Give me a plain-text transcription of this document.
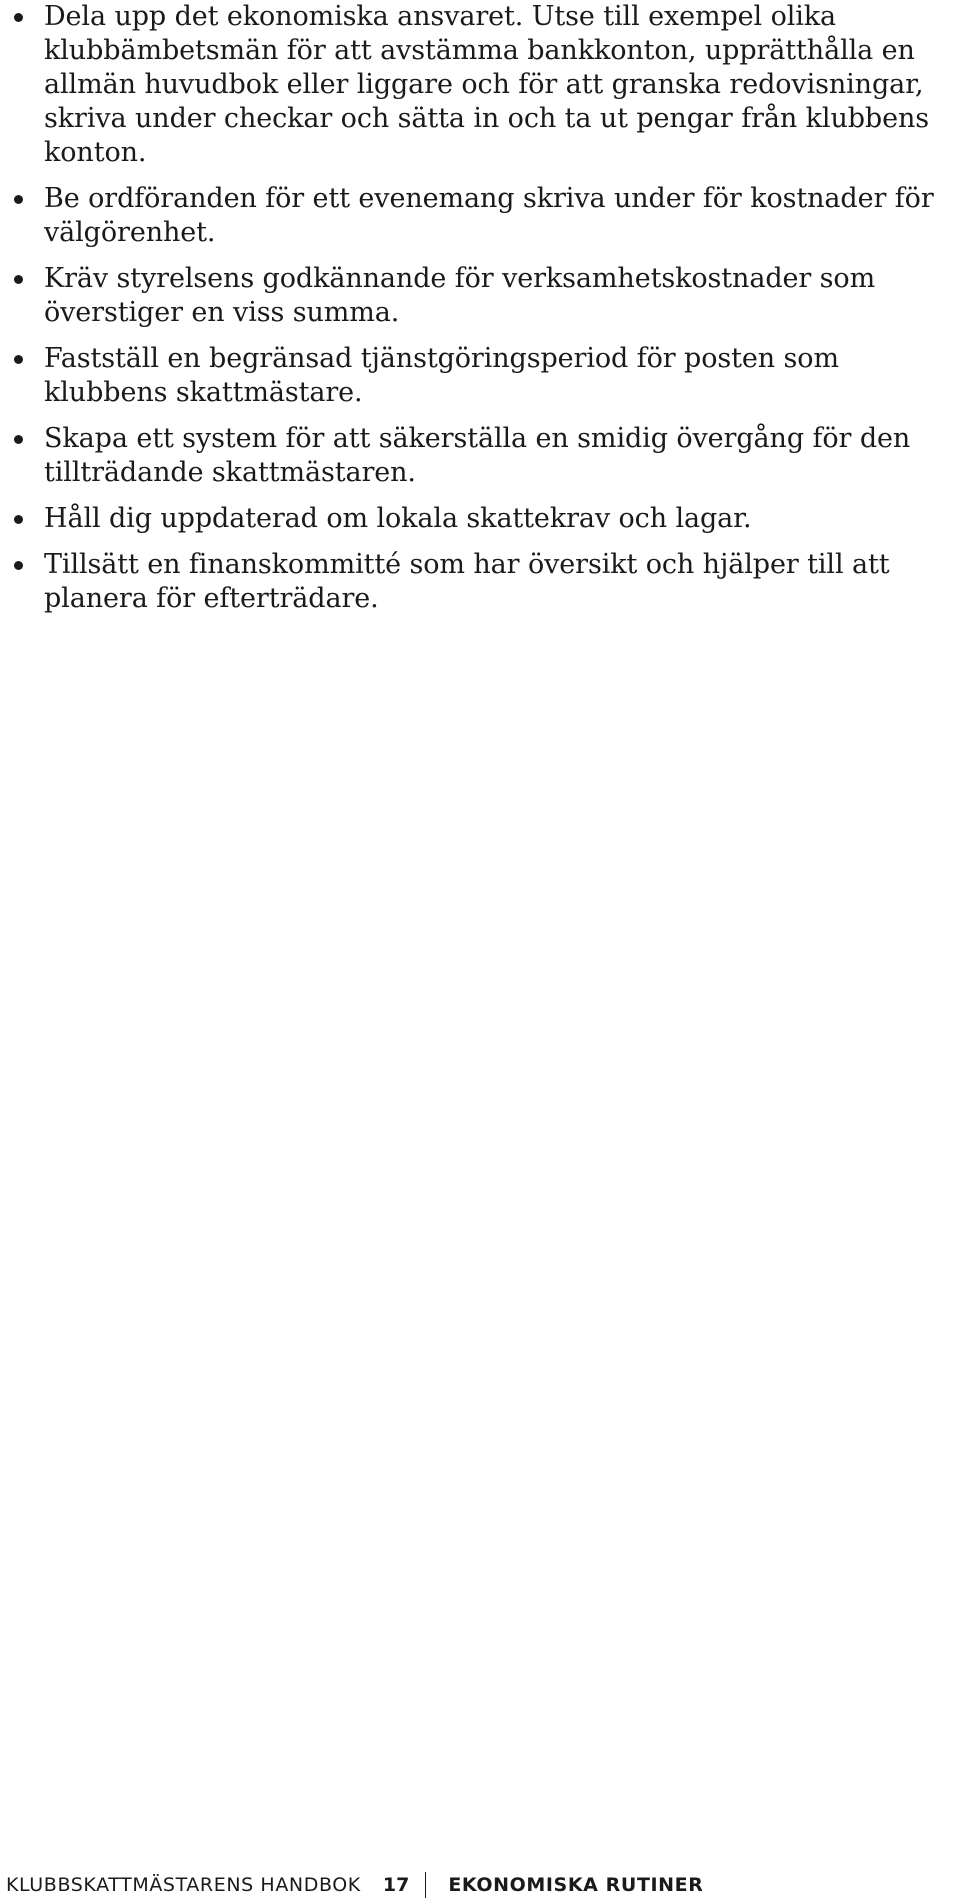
Dela upp det ekonomiska ansvaret. Utse till exempel olika klubbämbetsmän för att avstämma bankkonton, upprätthålla en allmän huvudbok eller liggare och för att granska redovisningar, skriva under checkar och sätta in och ta ut pengar från klubbens konton.
Be ordföranden för ett evenemang skriva under för kostnader för välgörenhet.
Kräv styrelsens godkännande för verksamhetskostnader som överstiger en viss summa.
Fastställ en begränsad tjänstgöringsperiod för posten som klubbens skattmästare.
Skapa ett system för att säkerställa en smidig övergång för den tillträdande skattmästaren.
Håll dig uppdaterad om lokala skattekrav och lagar.
Tillsätt en finanskommitté som har översikt och hjälper till att planera för efterträdare.
KLUBBSKATTMÄSTARENS HANDBOK 17 EKONOMISKA RUTINER
